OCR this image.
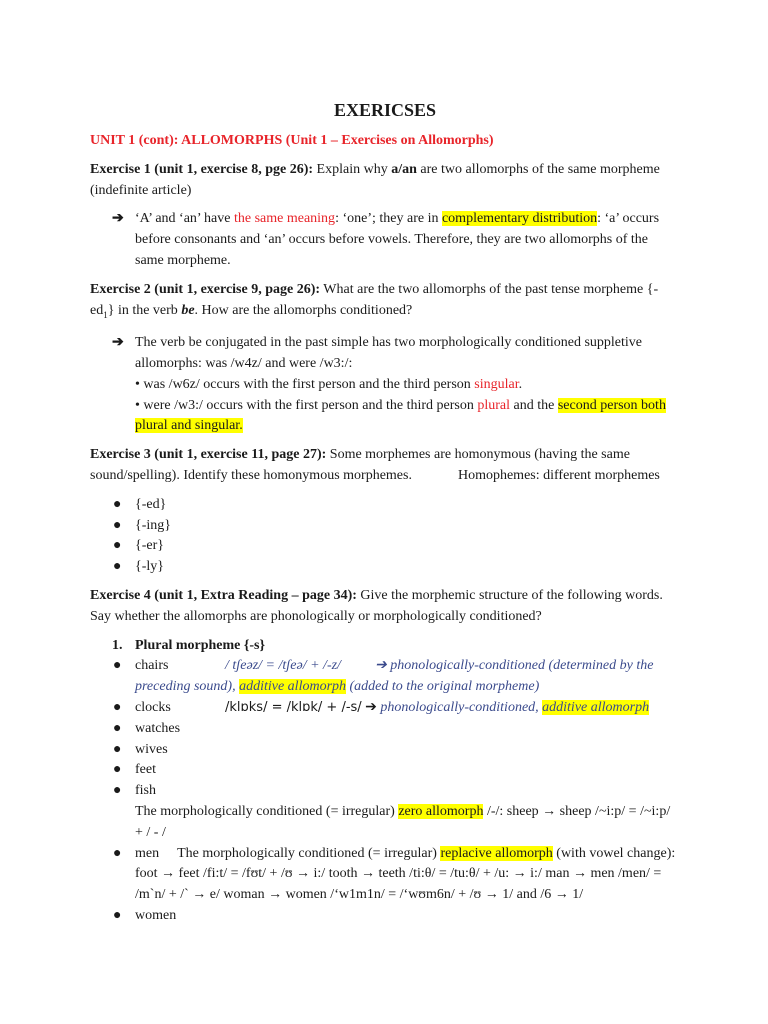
EXERICSES
UNIT 1 (cont): ALLOMORPHS (Unit 1 – Exercises on Allomorphs)

Exercise 1 (unit 1, exercise 8, pge 26): Explain why a/an are two allomorphs of the same morpheme (indefinite article)

➔ ‘A’ and ‘an’ have the same meaning: ‘one’; they are in complementary distribution: ‘a’ occurs before consonants and ‘an’ occurs before vowels. Therefore, they are two allomorphs of the same morpheme.

Exercise 2 (unit 1, exercise 9, page 26): What are the two allomorphs of the past tense morpheme $\{-ed_1\}$ in the verb be. How are the allomorphs conditioned?

➔ The verb be conjugated in the past simple has two morphologically conditioned suppletive allomorphs: was /w4z/ and were /w3:/:
• was /w6z/ occurs with the first person and the third person singular.
• were /w3:/ occurs with the first person and the third person plural and the second person both plural and singular.

Exercise 3 (unit 1, exercise 11, page 27): Some morphemes are homonymous (having the same sound/spelling). Identify these homonymous morphemes.	Homophemes: different morphemes

● {-ed}
● {-ing}
● {-er}
● {-ly}

Exercise 4 (unit 1, Extra Reading – page 34): Give the morphemic structure of the following words. Say whether the allomorphs are phonologically or morphologically conditioned?

1. Plural morpheme {-s}
● chairs	/ tʃeəz/ = /tʃeə/ + /-z/ ➔ phonologically-conditioned (determined by the preceding sound), additive allomorph (added to the original morpheme)
● clocks	/klɒks/ = /klɒk/ + /-s/ ➔ phonologically-conditioned, additive allomorph
● watches
● wives
● feet
● fish
The morphologically conditioned (= irregular) zero allomorph /-/: sheep → sheep /~i:p/ = /~i:p/ + / - /
● men The morphologically conditioned (= irregular) replacive allomorph (with vowel change): foot → feet /fi:t/ = /fʊt/ + /ʊ → i:/ tooth → teeth /ti:θ/ = /tu:θ/ + /u: → i:/ man → men /men/ = /m`n/ + /` → e/ woman → women /‘w1m1n/ = /‘wʊm6n/ + /ʊ → 1/ and /6 → 1/
● women
